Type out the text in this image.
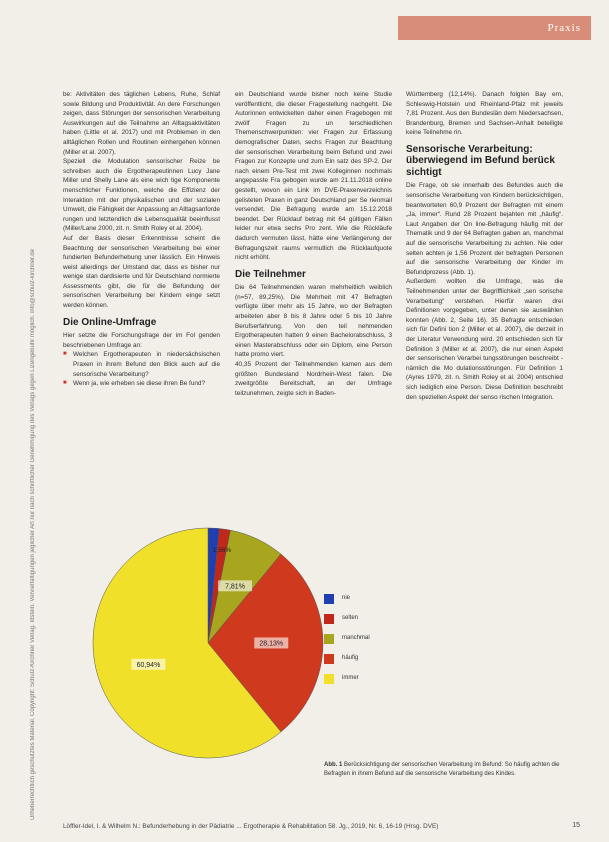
Praxis
Urheberrechtlich geschütztes Material. Copyright: Schulz-Kirchner Verlag. Idstein. Vervielfältigungen jeglicher Art nur nach schriftlicher Genehmigung des Verlags gegen Lizengebühr möglich. info@schulz-kirchner.de

be: Aktivitäten des täglichen Lebens, Ruhe, Schlaf sowie Bildung und Produktivität. An dere Forschungen zeigen, dass Störungen der sensorischen Verarbeitung Auswirkungen auf die Teilnahme an Alltagsaktivitäten haben (Little et al. 2017) und mit Problemen in den alltäglichen Rollen und Routinen einhergehen können (Miller et al. 2007).

Speziell die Modulation sensorischer Reize be schreiben auch die Ergotherapeutinnen Lucy Jane Miller und Shelly Lane als eine wich tige Komponente menschlicher Funktionen, welche die Effizienz der Interaktion mit der physikalischen und der sozialen Umwelt, die Fähigkeit der Anpassung an Alltagsanforde rungen und letztendlich die Lebensqualität beeinflusst (Miller/Lane 2000, zit. n. Smith Roley et al. 2004).

Auf der Basis dieser Erkenntnisse scheint die Beachtung der sensorischen Verarbeitung bei einer fundierten Befunderhebung uner lässlich. Ein Hinweis weist allerdings der Umstand dar, dass es bisher nur wenige stan dardisierte und für Deutschland normierte Assessments gibt, die für die Befundung der sensorischen Verarbeitung bei Kindern einge setzt werden können.

Die Online-Umfrage

Hier setzte die Forschungsfrage der im Fol genden beschriebenen Umfrage an:

■ Welchen Ergotherapeuten in niedersächsischen Praxen in ihrem Befund den Blick auch auf die sensorische Verarbeitung?
■ Wenn ja, wie erheben sie diese ihren Be fund?

ein Deutschland wurde bisher noch keine Studie veröffentlicht, die dieser Fragestellung nachgeht. Die Autorinnen entwickelten daher einen Fragebogen mit zwölf Fragen zu un terschiedlichen Themenschwerpunkten: vier Fragen zur Erfassung demografischer Daten, sechs Fragen zur Beachtung der sensorischen Verarbeitung beim Befund und zwei Fragen zur Konzepte und zum Ein satz des SP-2. Der nach einem Pre-Test mit zwei Kolleginnen nochmals angepasste Fra gebogen wurde am 21.11.2018 online gestellt, wovon ein Link im DVE-Praxenverzeichnis gelisteten Praxen in ganz Deutschland per Se rienmail versendet. Die Befragung wurde am 15.12.2018 beendet. Der Rücklauf betrag mit 64 gültigen Fällen leider nur etwa sechs Pro zent. Wie die Rückläufe dadurch vermuten lässt, hätte eine Verlängerung der Befragungszeit raums vermutlich die Rücklaufquote nicht erhöht.

Die Teilnehmer

Die 64 Teilnehmenden waren mehrheitlich weiblich (n=57, 89,25%). Die Mehrheit mit 47 Befragten verfügte über mehr als 15 Jahre, wo der Befragten arbeiteten aber 8 bis 8 Jahre oder 5 bis 10 Jahre Berufserfahrung. Von den teil nehmenden Ergotherapeuten hatten 9 einen Bachelorabschluss, 3 einen Masterabschluss oder ein Diplom, eine Person hatte promo viert.

40,35 Prozent der Teilnehmenden kamen aus dem größten Bundesland Nordrhein-West falen. Die zweitgrößte Bereitschaft, an der Umfrage teilzunehmen, zeigte sich in Baden-

Württemberg (12,14%). Danach folgten Bay ern, Schleswig-Holstein und Rheinland-Pfalz mit jeweils 7,81 Prozent. Aus den Bundeslän dern Niedersachsen, Brandenburg, Bremen und Sachsen-Anhalt beteiligte keine Teilnehme rin.

Sensorische Verarbeitung: überwiegend im Befund berück sichtigt

Die Frage, ob sie innerhalb des Befundes auch die sensorische Verarbeitung von Kindern berücksichtigen, beantworteten 60,9 Prozent der Befragten mit einem „Ja, immer“. Rund 28 Prozent bejahten mit „häufig“. Laut Angaben der On line-Befragung häufig mit der Thematik und 9 der 64 Befragten gaben an, manchmal auf die sensorische Verarbeitung zu achten. Nie oder selten achten je 1,56 Prozent der befragten Personen auf die sensorische Verarbeitung der Kinder im Befundprozess (Abb. 1).

Außerdem wollten die Umfrage, was die Teilnehmenden unter der Begrifflichkeit „sen sorische Verarbeitung“ verstehen. Hierfür waren drei Definitionen vorgegeben, unter denen sie auswählen konnten (Abb. 2, Seite 16). 35 Befragte entschieden sich für Defini tion 2 (Miller et al. 2007), die derzeit in der Literatur Verwendung wird. 20 entschieden sich für Definition 3 (Miller et al. 2007), die nur einen Aspekt der sensorischen Verarbei tungsstörungen beschreibt - nämlich die Mo dulationsstörungen. Für Definition 1 (Ayres 1979, zit. n. Smith Roley et al. 2004) entschied sich lediglich eine Person. Diese Definition beschreibt den speziellen Aspekt der senso rischen Integration.

7,81%
28,13%
60,94%
1,56%
nie
selten
manchmal
häufig
immer
Abb. 1 Berücksichtigung der sensorischen Verarbeitung im Befund: So häufig achten die Befragten in ihrem Befund auf die sensorische Verarbeitung des Kindes.
Löffler-Idel, I. & Wilhelm N.: Befunderhebung in der Pädiatrie ... Ergotherapie & Rehabilitation 58. Jg., 2019, Nr. 6, 16-19 (Hrsg. DVE)	15
